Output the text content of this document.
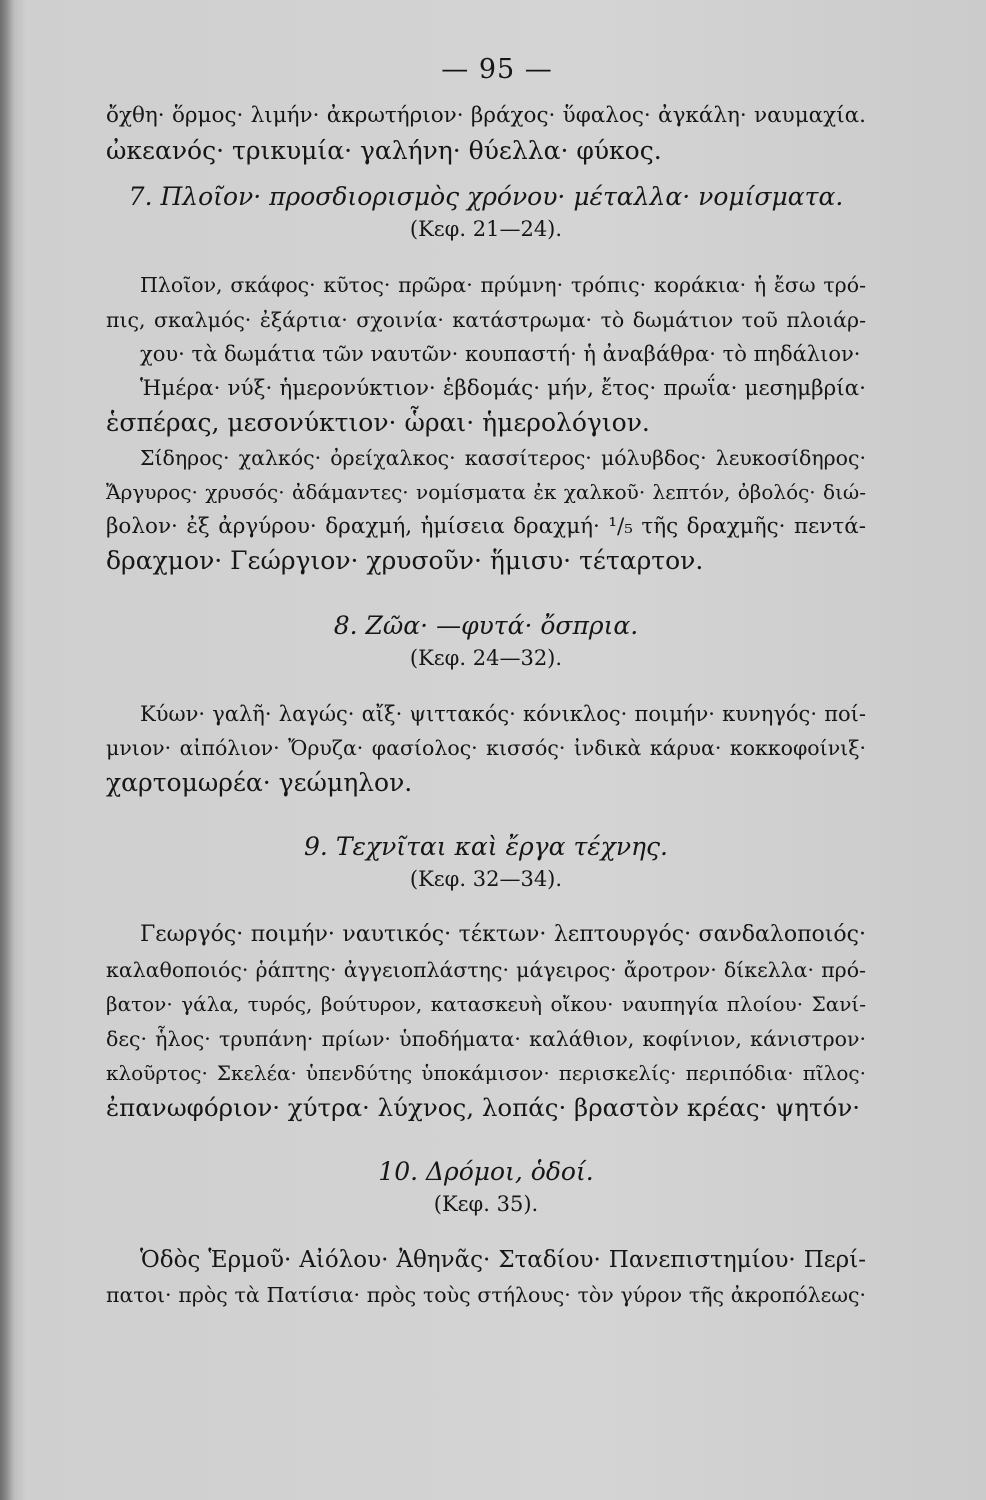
— 95 —
ὄχθη· ὅρμος· λιμήν· ἀκρωτήριον· βράχος· ὕφαλος· ἀγκάλη· ναυμαχία.
ὠκεανός· τρικυμία· γαλήνη· θύελλα· φύκος.
7. Πλοῖον· προσδιορισμὸς χρόνου· μέταλλα· νομίσματα.
(Κεφ. 21—24).
Πλοῖον, σκάφος· κῦτος· πρῶρα· πρύμνη· τρόπις· κοράκια· ἡ ἔσω τρό-
πις, σκαλμός· ἐξάρτια· σχοινία· κατάστρωμα· τὸ δωμάτιον τοῦ πλοιάρ-
χου· τὰ δωμάτια τῶν ναυτῶν· κουπαστή· ἡ ἀναβάθρα· τὸ πηδάλιον·
Ἡμέρα· νύξ· ἡμερονύκτιον· ἑβδομάς· μήν, ἔτος· πρωΐα· μεσημβρία·
ἑσπέρας, μεσονύκτιον· ὧραι· ἡμερολόγιον.
Σίδηρος· χαλκός· ὀρείχαλκος· κασσίτερος· μόλυβδος· λευκοσίδηρος·
Ἄργυρος· χρυσός· ἀδάμαντες· νομίσματα ἐκ χαλκοῦ· λεπτόν, ὀβολός· διώ-
βολον· ἐξ ἀργύρου· δραχμή, ἡμίσεια δραχμή· ¹/₅ τῆς δραχμῆς· πεντά-
δραχμον· Γεώργιον· χρυσοῦν· ἥμισυ· τέταρτον.
8. Ζῶα· —φυτά· ὄσπρια.
(Κεφ. 24—32).
Κύων· γαλῆ· λαγώς· αἴξ· ψιττακός· κόνικλος· ποιμήν· κυνηγός· ποί-
μνιον· αἰπόλιον· Ὄρυζα· φασίολος· κισσός· ἰνδικὰ κάρυα· κοκκοφοίνιξ·
χαρτομωρέα· γεώμηλον.
9. Τεχνῖται καὶ ἔργα τέχνης.
(Κεφ. 32—34).
Γεωργός· ποιμήν· ναυτικός· τέκτων· λεπτουργός· σανδαλοποιός·
καλαθοποιός· ῥάπτης· ἀγγειοπλάστης· μάγειρος· ἄροτρον· δίκελλα· πρό-
βατον· γάλα, τυρός, βούτυρον, κατασκευὴ οἴκου· ναυπηγία πλοίου· Σανί-
δες· ἧλος· τρυπάνη· πρίων· ὑποδήματα· καλάθιον, κοφίνιον, κάνιστρον·
κλοῦρτος· Σκελέα· ὑπενδύτης ὑποκάμισον· περισκελίς· περιπόδια· πῖλος·
ἐπανωφόριον· χύτρα· λύχνος, λοπάς· βραστὸν κρέας· ψητόν·
10. Δρόμοι, ὁδοί.
(Κεφ. 35).
Ὁδὸς Ἑρμοῦ· Αἰόλου· Ἀθηνᾶς· Σταδίου· Πανεπιστημίου· Περί-
πατοι· πρὸς τὰ Πατίσια· πρὸς τοὺς στήλους· τὸν γύρον τῆς ἀκροπόλεως·
